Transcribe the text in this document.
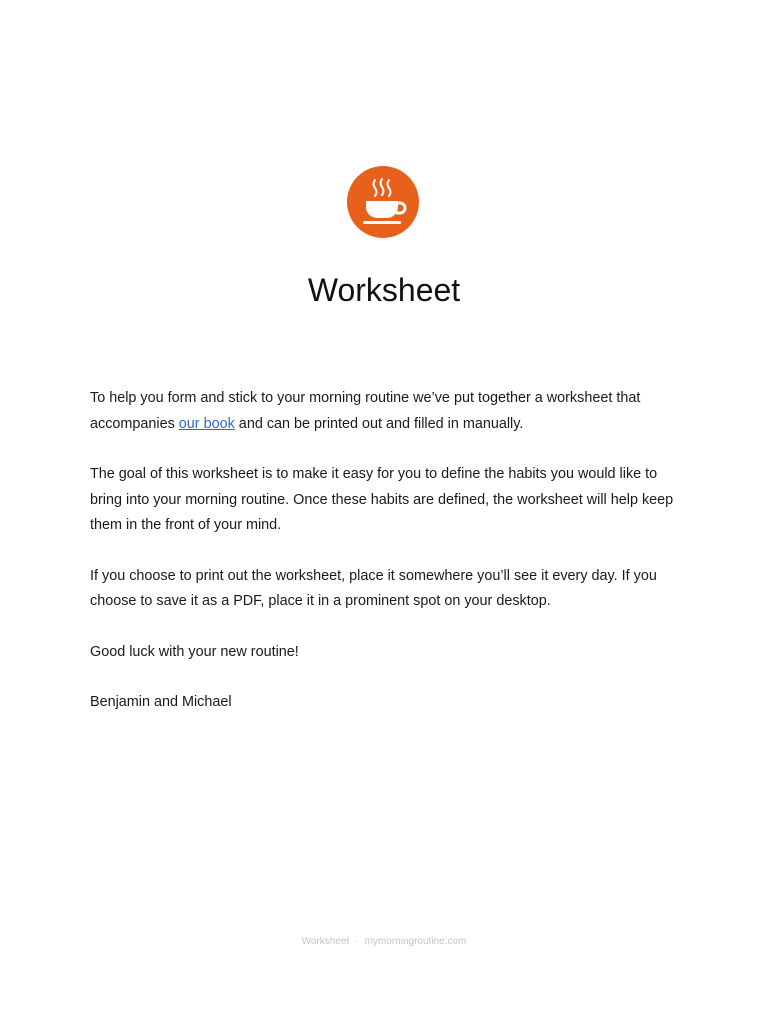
Worksheet

To help you form and stick to your morning routine we’ve put together a worksheet that accompanies our book and can be printed out and filled in manually.

The goal of this worksheet is to make it easy for you to define the habits you would like to bring into your morning routine. Once these habits are defined, the worksheet will help keep them in the front of your mind.

If you choose to print out the worksheet, place it somewhere you’ll see it every day. If you choose to save it as a PDF, place it in a prominent spot on your desktop.

Good luck with your new routine!

Benjamin and Michael

Worksheet · mymorningroutine.com
